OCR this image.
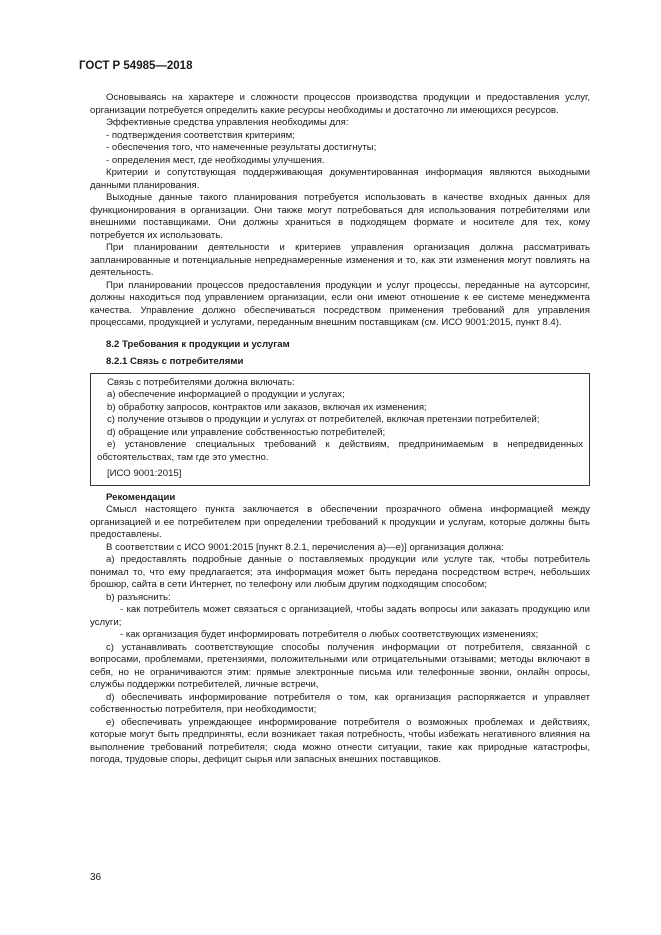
ГОСТ Р 54985—2018

Основываясь на характере и сложности процессов производства продукции и предоставления услуг, организации потребуется определить какие ресурсы необходимы и достаточно ли имеющихся ресурсов.

Эффективные средства управления необходимы для:

- подтверждения соответствия критериям;

- обеспечения того, что намеченные результаты достигнуты;

- определения мест, где необходимы улучшения.

Критерии и сопутствующая поддерживающая документированная информация являются выходными данными планирования.

Выходные данные такого планирования потребуется использовать в качестве входных данных для функционирования в организации. Они также могут потребоваться для использования потребителями или внешними поставщиками. Они должны храниться в подходящем формате и носителе для тех, кому потребуется их использовать.

При планировании деятельности и критериев управления организация должна рассматривать запланированные и потенциальные непреднамеренные изменения и то, как эти изменения могут повлиять на деятельность.

При планировании процессов предоставления продукции и услуг процессы, переданные на аутсорсинг, должны находиться под управлением организации, если они имеют отношение к ее системе менеджмента качества. Управление должно обеспечиваться посредством применения требований для управления процессами, продукцией и услугами, переданным внешним поставщикам (см. ИСО 9001:2015, пункт 8.4).

8.2 Требования к продукции и услугам

8.2.1 Связь с потребителями

Связь с потребителями должна включать:

а) обеспечение информацией о продукции и услугах;

b) обработку запросов, контрактов или заказов, включая их изменения;

c) получение отзывов о продукции и услугах от потребителей, включая претензии потребителей;

d) обращение или управление собственностью потребителей;

e) установление специальных требований к действиям, предпринимаемым в непредвиденных обстоятельствах, там где это уместно.

[ИСО 9001:2015]

Рекомендации

Смысл настоящего пункта заключается в обеспечении прозрачного обмена информацией между организацией и ее потребителем при определении требований к продукции и услугам, которые должны быть предоставлены.

В соответствии с ИСО 9001:2015 [пункт 8.2.1, перечисления а)—е)] организация должна:

а) предоставлять подробные данные о поставляемых продукции или услуге так, чтобы потребитель понимал то, что ему предлагается; эта информация может быть передана посредством встреч, небольших брошюр, сайта в сети Интернет, по телефону или любым другим подходящим способом;

b) разъяснить:

- как потребитель может связаться с организацией, чтобы задать вопросы или заказать продукцию или услуги;

- как организация будет информировать потребителя о любых соответствующих изменениях;

с) устанавливать соответствующие способы получения информации от потребителя, связанной с вопросами, проблемами, претензиями, положительными или отрицательными отзывами; методы включают в себя, но не ограничиваются этим: прямые электронные письма или телефонные звонки, онлайн опросы, службы поддержки потребителей, личные встречи,

d) обеспечивать информирование потребителя о том, как организация распоряжается и управляет собственностью потребителя, при необходимости;

е) обеспечивать упреждающее информирование потребителя о возможных проблемах и действиях, которые могут быть предприняты, если возникает такая потребность, чтобы избежать негативного влияния на выполнение требований потребителя; сюда можно отнести ситуации, такие как природные катастрофы, погода, трудовые споры, дефицит сырья или запасных внешних поставщиков.

36
